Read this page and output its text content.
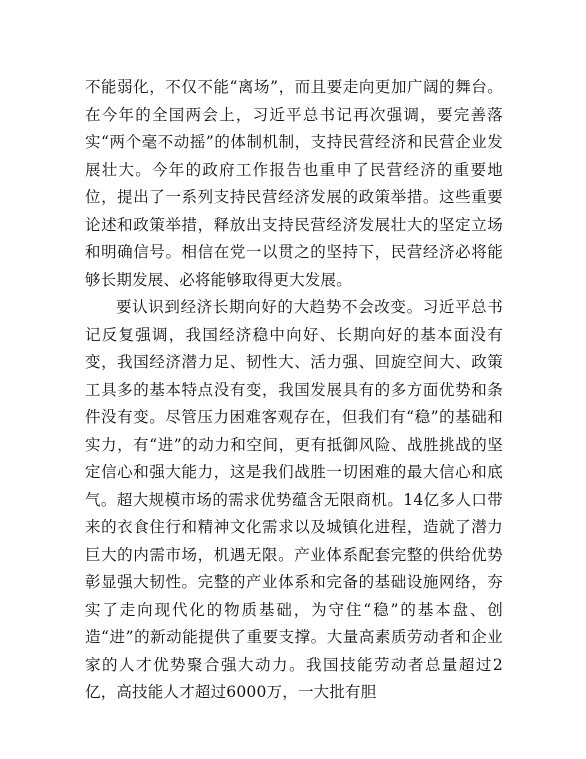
不能弱化，不仅不能“离场”，而且要走向更加广阔的舞台。在今年的全国两会上，习近平总书记再次强调，要完善落实“两个毫不动摇”的体制机制，支持民营经济和民营企业发展壮大。今年的政府工作报告也重申了民营经济的重要地位，提出了一系列支持民营经济发展的政策举措。这些重要论述和政策举措，释放出支持民营经济发展壮大的坚定立场和明确信号。相信在党一以贯之的坚持下，民营经济必将能够长期发展、必将能够取得更大发展。

要认识到经济长期向好的大趋势不会改变。习近平总书记反复强调，我国经济稳中向好、长期向好的基本面没有变，我国经济潜力足、韧性大、活力强、回旋空间大、政策工具多的基本特点没有变，我国发展具有的多方面优势和条件没有变。尽管压力困难客观存在，但我们有“稳”的基础和实力，有“进”的动力和空间，更有抵御风险、战胜挑战的坚定信心和强大能力，这是我们战胜一切困难的最大信心和底气。超大规模市场的需求优势蕴含无限商机。14亿多人口带来的衣食住行和精神文化需求以及城镇化进程，造就了潜力巨大的内需市场，机遇无限。产业体系配套完整的供给优势彰显强大韧性。完整的产业体系和完备的基础设施网络，夯实了走向现代化的物质基础，为守住“稳”的基本盘、创造“进”的新动能提供了重要支撑。大量高素质劳动者和企业家的人才优势聚合强大动力。我国技能劳动者总量超过2亿，高技能人才超过6000万，一大批有胆
